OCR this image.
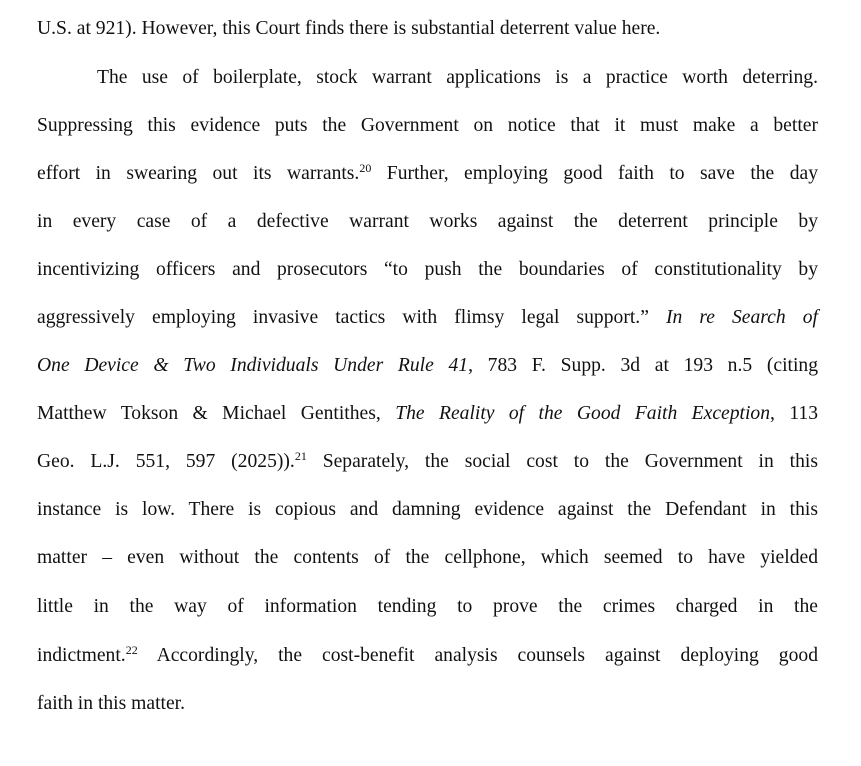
U.S. at 921). However, this Court finds there is substantial deterrent value here.
The use of boilerplate, stock warrant applications is a practice worth deterring.
Suppressing this evidence puts the Government on notice that it must make a better
effort in swearing out its warrants.$^{20}$ Further, employing good faith to save the day
in every case of a defective warrant works against the deterrent principle by
incentivizing officers and prosecutors “to push the boundaries of constitutionality by
aggressively employing invasive tactics with flimsy legal support.” In re Search of
One Device & Two Individuals Under Rule 41, 783 F. Supp. 3d at 193 n.5 (citing
Matthew Tokson & Michael Gentithes, The Reality of the Good Faith Exception, 113
Geo. L.J. 551, 597 (2025)).$^{21}$ Separately, the social cost to the Government in this
instance is low. There is copious and damning evidence against the Defendant in this
matter – even without the contents of the cellphone, which seemed to have yielded
little in the way of information tending to prove the crimes charged in the
indictment.$^{22}$ Accordingly, the cost-benefit analysis counsels against deploying good
faith in this matter.
